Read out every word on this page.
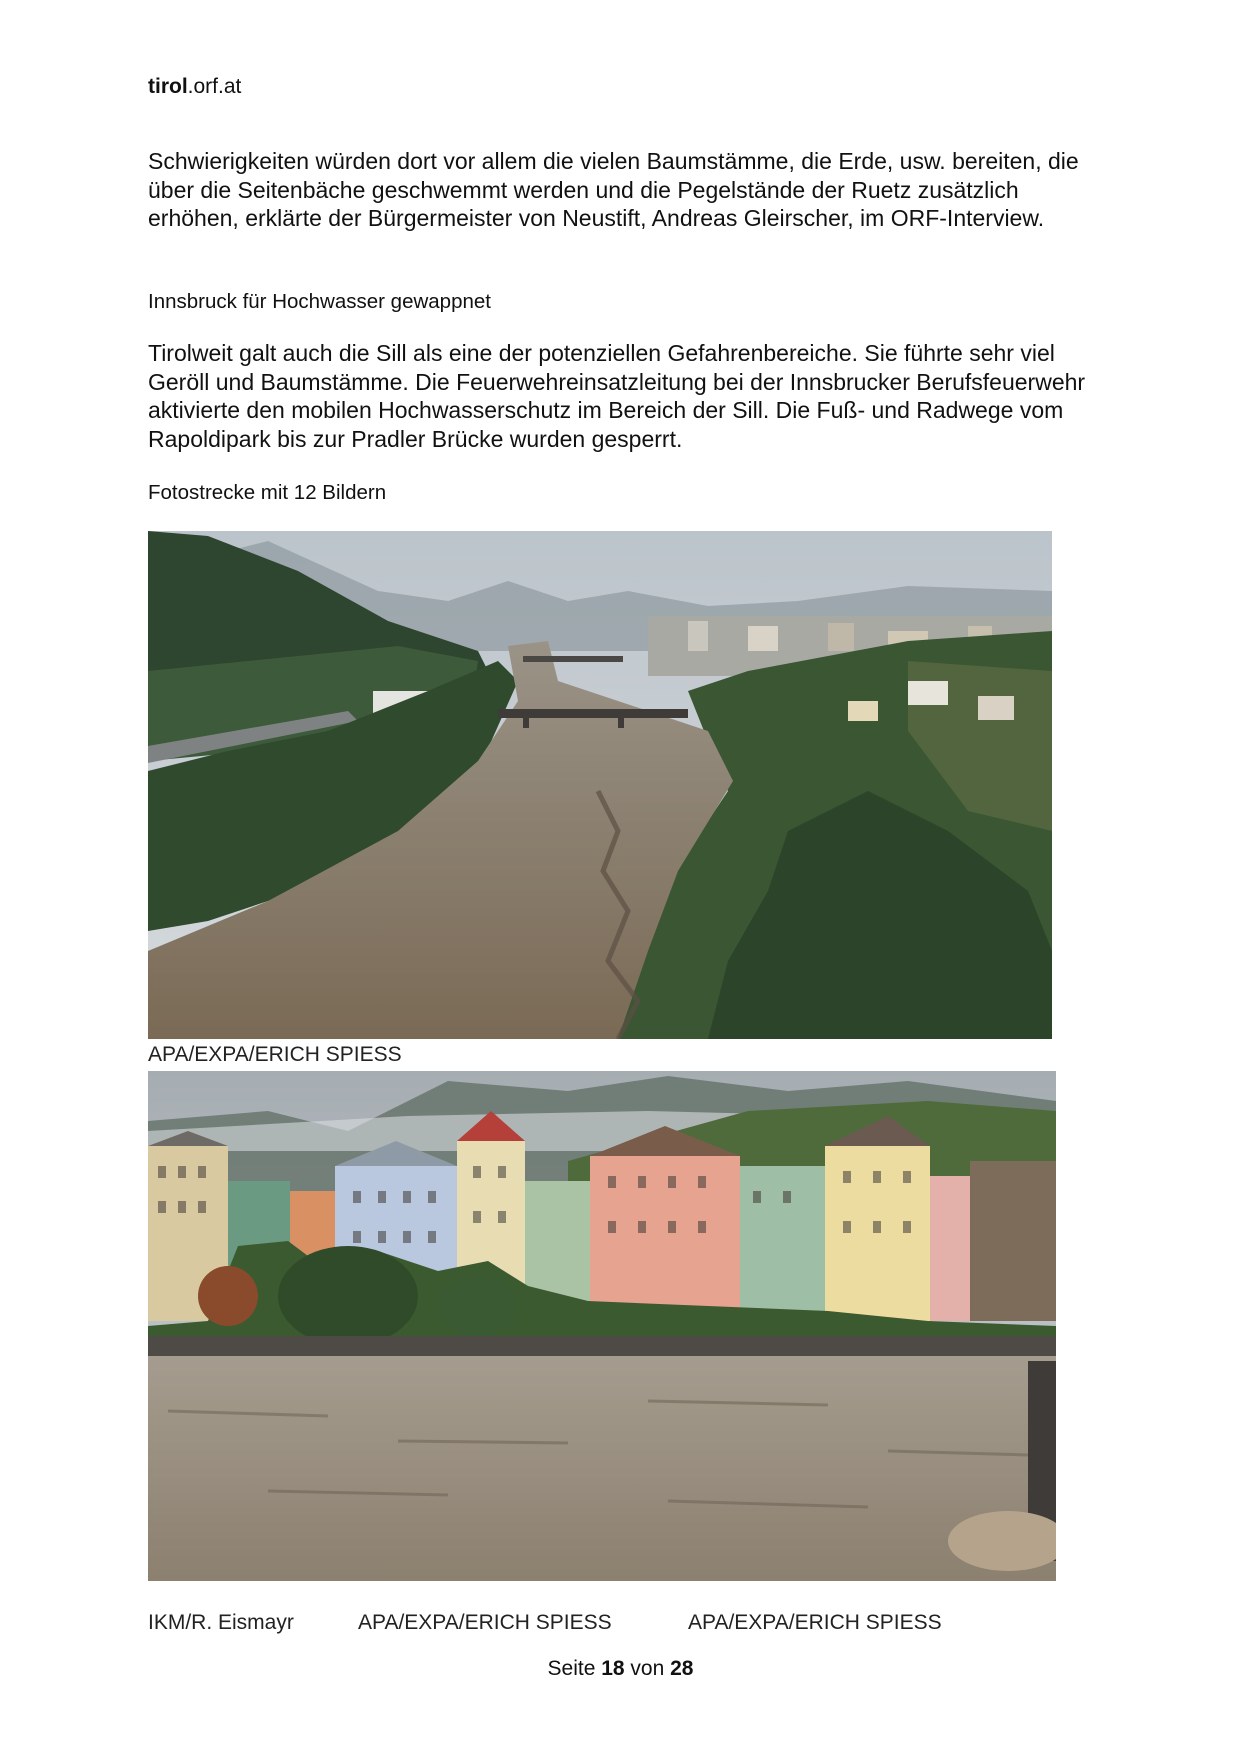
tirol.orf.at

Schwierigkeiten würden dort vor allem die vielen Baumstämme, die Erde, usw. bereiten, die über die Seitenbäche geschwemmt werden und die Pegelstände der Ruetz zusätzlich erhöhen, erklärte der Bürgermeister von Neustift, Andreas Gleirscher, im ORF-Interview.

Innsbruck für Hochwasser gewappnet

Tirolweit galt auch die Sill als eine der potenziellen Gefahrenbereiche. Sie führte sehr viel Geröll und Baumstämme. Die Feuerwehreinsatzleitung bei der Innsbrucker Berufsfeuerwehr aktivierte den mobilen Hochwasserschutz im Bereich der Sill. Die Fuß- und Radwege vom Rapoldipark bis zur Pradler Brücke wurden gesperrt.

Fotostrecke mit 12 Bildern

APA/EXPA/ERICH SPIESS
IKM/R. Eismayr	APA/EXPA/ERICH SPIESS	APA/EXPA/ERICH SPIESS
Seite 18 von 28
